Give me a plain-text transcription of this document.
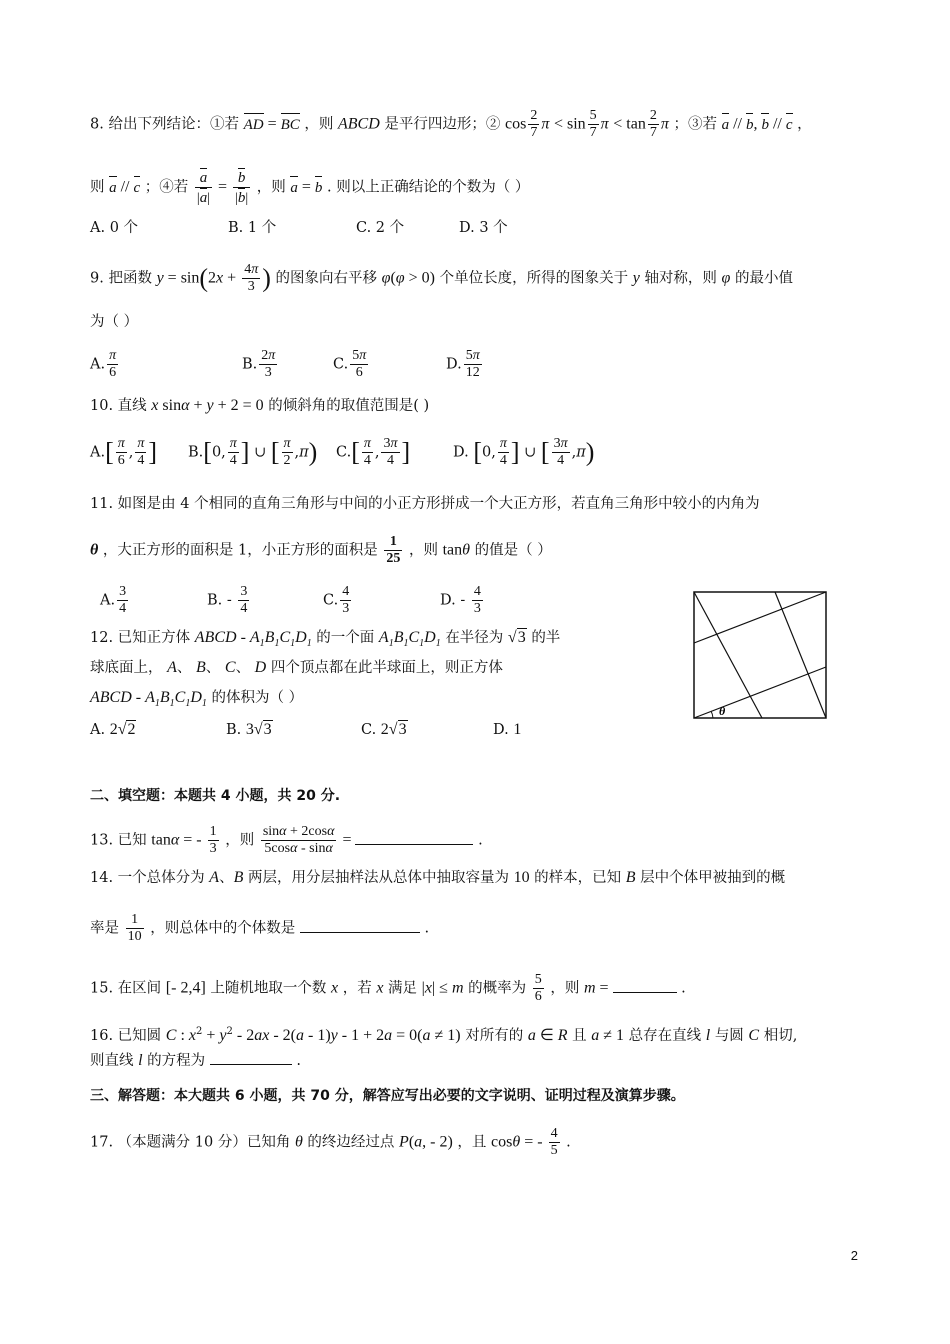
8. 给出下列结论：①若 AD = BC ，则 ABCD 是平行四边形；② $\cos \frac{2}{7}$ $\pi < \sin \frac{5}{7}$ $\pi < \tan \frac{2}{7}$ π ；③若 a // b, b // c ，
则 a // c ；④若 $\frac{a}{|a|} = \frac{b}{|b|}$ ，则 a = b . 则以上正确结论的个数为（ ）
A. 0 个	B. 1 个	C. 2 个	D. 3 个
9. 把函数 $y = \sin(2x + \frac{4\pi}{3}$ ) 的图象向右平移 φ(φ > 0) 个单位长度，所得的图象关于 y 轴对称，则 φ 的最小值
为（ ）
A. $\frac{\pi}{6}$	B. $\frac{2\pi}{3}$	C. $\frac{5\pi}{6}$	D. $\frac{5\pi}{12}$
10. 直线 x sinα + y + 2 = 0 的倾斜角的取值范围是( )
$A.[ \frac{\pi}{6}$ , $\frac{\pi}{4}$ ] B.[0, $\frac{\pi}{4}$ ] ∪ [ $\frac{\pi}{2} ,\pi$) $C.[ \frac{\pi}{4}$ , $\frac{3\pi}{4}$ ]	D. [0, $\frac{\pi}{4}$ ] ∪ [ $\frac{3\pi}{4} ,\pi$)
11. 如图是由 4 个相同的直角三角形与中间的小正方形拼成一个大正方形，若直角三角形中较小的内角为
θ ，大正方形的面积是 1，小正方形的面积是 $\frac{1}{25}$ ，则 tanθ 的值是（ ）
A. $\frac{3}{4}$	B. - $\frac{3}{4}$	C. $\frac{4}{3}$	D. - $\frac{4}{3}$
θ
12. 已知正方体 ABCD - $A_1B_1C_1D_1$ 的一个面 $A_1B_1C_1D_1$ 在半径为 √3 的半
球底面上， A、 B、 C、 D 四个顶点都在此半球面上，则正方体
ABCD - $A_1B_1C_1D_1$ 的体积为（ ）
A. 2√2	B. 3√3	C. 2√3	D. 1
二、填空题：本题共 4 小题，共 20 分.
13. 已知 tanα = - $\frac{1}{3}$ ，则 $\frac{\sin\alpha + 2\cos\alpha}{5\cos\alpha - \sin\alpha}$ =	.
14. 一个总体分为 A、B 两层，用分层抽样法从总体中抽取容量为 10 的样本，已知 B 层中个体甲被抽到的概
率是 $\frac{1}{10}$ ，则总体中的个体数是	.
15. 在区间 [- 2,4] 上随机地取一个数 x ，若 x 满足 |x| ≤ m 的概率为 $\frac{5}{6}$ ，则 m =	.
16. 已知圆 C : $x^2 + y^2 - 2ax - 2(a - 1)y - 1 + 2a = 0(a \ne 1)$ 对所有的 a ∈ R 且 a ≠ 1 总存在直线 l 与圆 C 相切,
则直线 l 的方程为	.
三、解答题：本大题共 6 小题，共 70 分，解答应写出必要的文字说明、证明过程及演算步骤。
17. （本题满分 10 分）已知角 θ 的终边经过点 P(a, - 2) ，且 cosθ = - $\frac{4}{5}$ .
2
